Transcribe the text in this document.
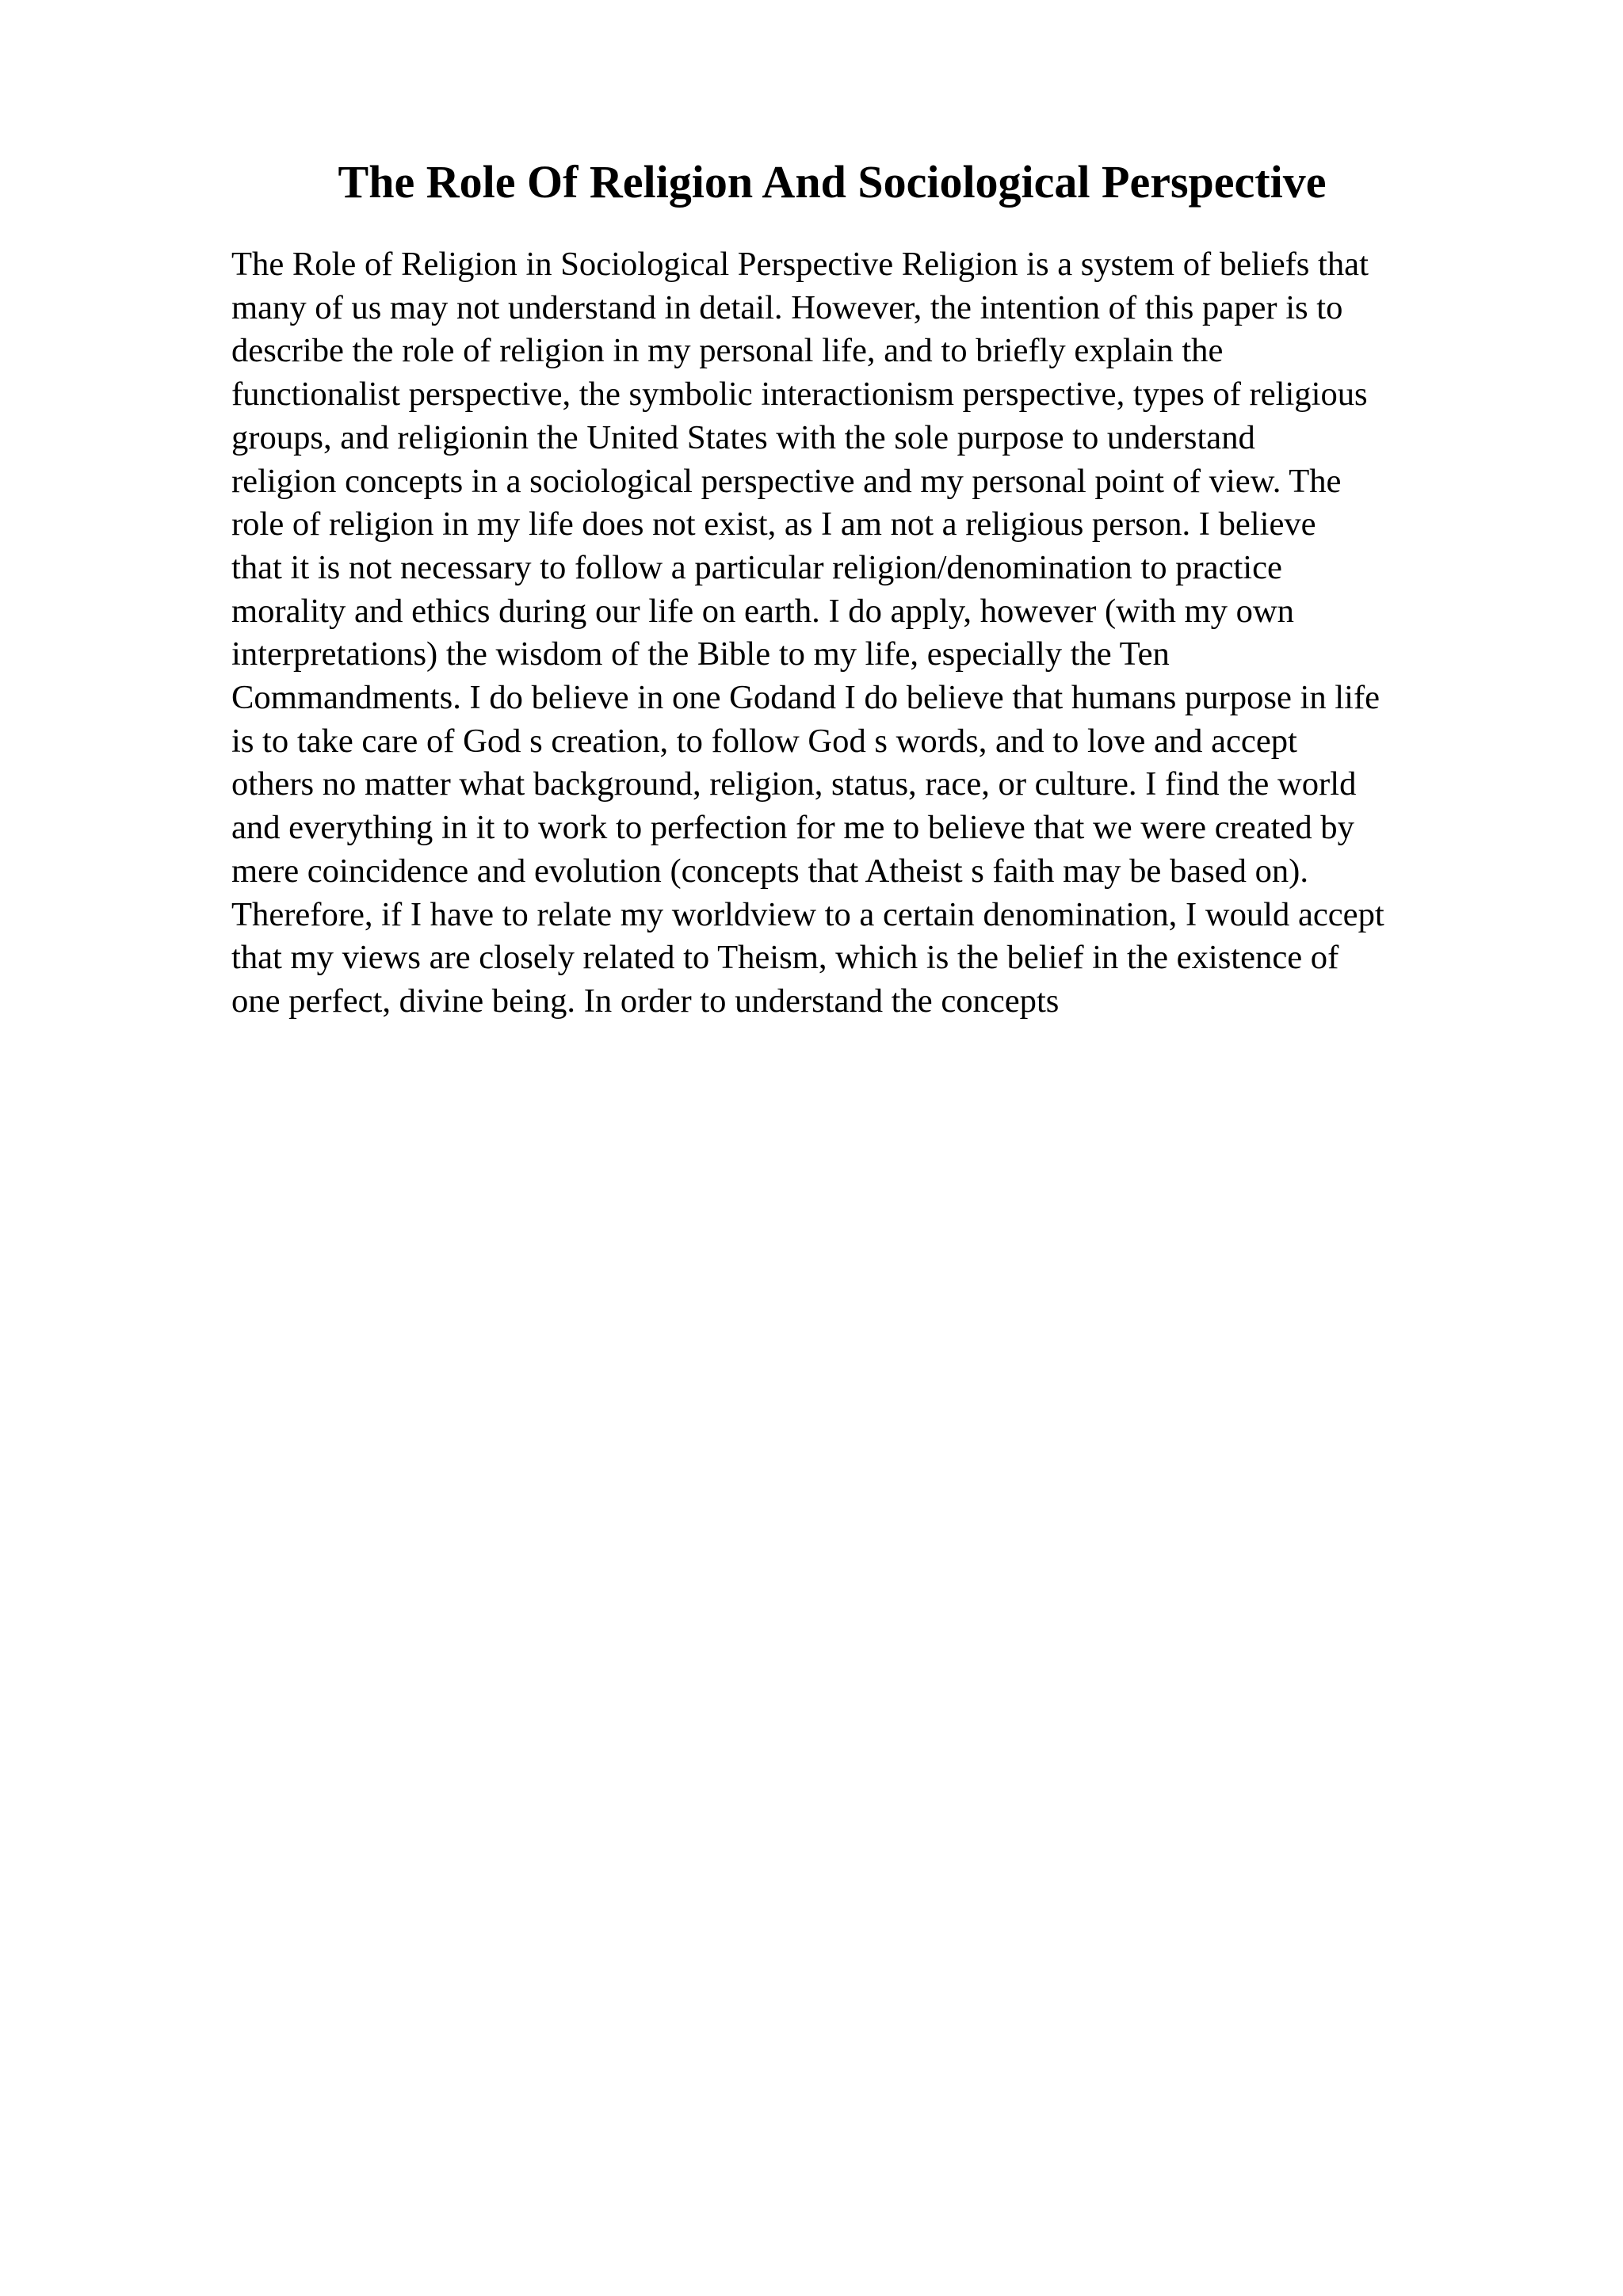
The Role Of Religion And Sociological Perspective
The Role of Religion in Sociological Perspective Religion is a system of beliefs that
many of us may not understand in detail. However, the intention of this paper is to
describe the role of religion in my personal life, and to briefly explain the
functionalist perspective, the symbolic interactionism perspective, types of religious
groups, and religionin the United States with the sole purpose to understand
religion concepts in a sociological perspective and my personal point of view. The
role of religion in my life does not exist, as I am not a religious person. I believe
that it is not necessary to follow a particular religion/denomination to practice
morality and ethics during our life on earth. I do apply, however (with my own
interpretations) the wisdom of the Bible to my life, especially the Ten
Commandments. I do believe in one Godand I do believe that humans purpose in life
is to take care of God s creation, to follow God s words, and to love and accept
others no matter what background, religion, status, race, or culture. I find the world
and everything in it to work to perfection for me to believe that we were created by
mere coincidence and evolution (concepts that Atheist s faith may be based on).
Therefore, if I have to relate my worldview to a certain denomination, I would accept
that my views are closely related to Theism, which is the belief in the existence of
one perfect, divine being. In order to understand the concepts
